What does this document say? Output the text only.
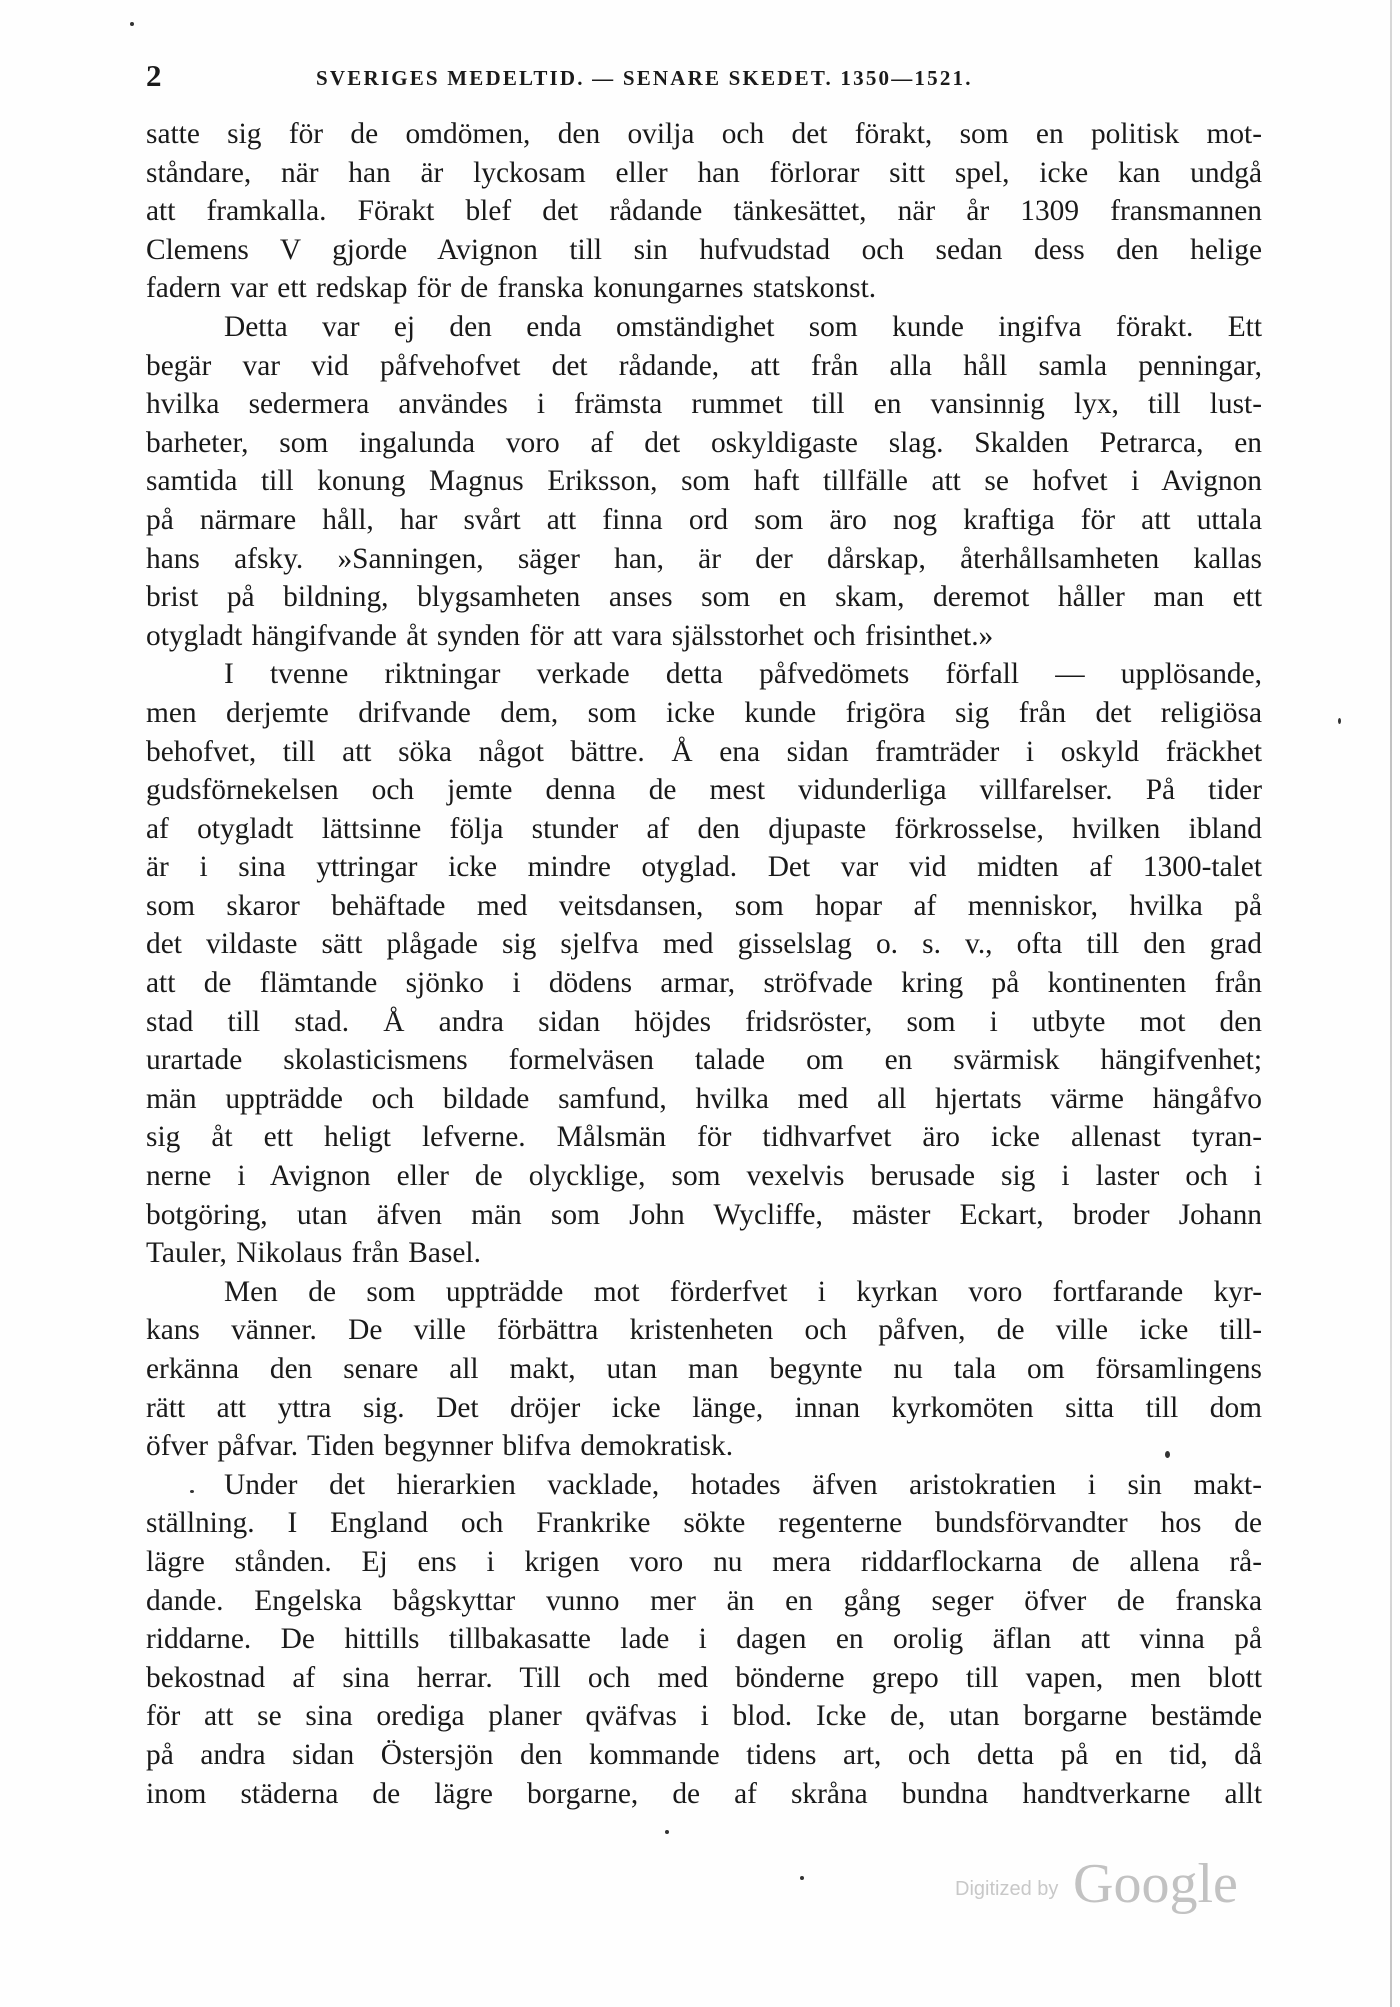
2	SVERIGES MEDELTID. — SENARE SKEDET. 1350—1521.
satte sig för de omdömen, den ovilja och det förakt, som en politisk mot-
ståndare, när han är lyckosam eller han förlorar sitt spel, icke kan undgå
att framkalla. Förakt blef det rådande tänkesättet, när år 1309 fransmannen
Clemens V gjorde Avignon till sin hufvudstad och sedan dess den helige
fadern var ett redskap för de franska konungarnes statskonst.
Detta var ej den enda omständighet som kunde ingifva förakt. Ett
begär var vid påfvehofvet det rådande, att från alla håll samla penningar,
hvilka sedermera användes i främsta rummet till en vansinnig lyx, till lust-
barheter, som ingalunda voro af det oskyldigaste slag. Skalden Petrarca, en
samtida till konung Magnus Eriksson, som haft tillfälle att se hofvet i Avignon
på närmare håll, har svårt att finna ord som äro nog kraftiga för att uttala
hans afsky. »Sanningen, säger han, är der dårskap, återhållsamheten kallas
brist på bildning, blygsamheten anses som en skam, deremot håller man ett
otygladt hängifvande åt synden för att vara själsstorhet och frisinthet.»
I tvenne riktningar verkade detta påfvedömets förfall — upplösande,
men derjemte drifvande dem, som icke kunde frigöra sig från det religiösa
behofvet, till att söka något bättre. Å ena sidan framträder i oskyld fräckhet
gudsförnekelsen och jemte denna de mest vidunderliga villfarelser. På tider
af otygladt lättsinne följa stunder af den djupaste förkrosselse, hvilken ibland
är i sina yttringar icke mindre otyglad. Det var vid midten af 1300-talet
som skaror behäftade med veitsdansen, som hopar af menniskor, hvilka på
det vildaste sätt plågade sig sjelfva med gisselslag o. s. v., ofta till den grad
att de flämtande sjönko i dödens armar, ströfvade kring på kontinenten från
stad till stad. Å andra sidan höjdes fridsröster, som i utbyte mot den
urartade skolasticismens formelväsen talade om en svärmisk hängifvenhet;
män uppträdde och bildade samfund, hvilka med all hjertats värme hängåfvo
sig åt ett heligt lefverne. Målsmän för tidhvarfvet äro icke allenast tyran-
nerne i Avignon eller de olycklige, som vexelvis berusade sig i laster och i
botgöring, utan äfven män som John Wycliffe, mäster Eckart, broder Johann
Tauler, Nikolaus från Basel.
Men de som uppträdde mot förderfvet i kyrkan voro fortfarande kyr-
kans vänner. De ville förbättra kristenheten och påfven, de ville icke till-
erkänna den senare all makt, utan man begynte nu tala om församlingens
rätt att yttra sig. Det dröjer icke länge, innan kyrkomöten sitta till dom
öfver påfvar. Tiden begynner blifva demokratisk.
Under det hierarkien vacklade, hotades äfven aristokratien i sin makt-
ställning. I England och Frankrike sökte regenterne bundsförvandter hos de
lägre stånden. Ej ens i krigen voro nu mera riddarflockarna de allena rå-
dande. Engelska bågskyttar vunno mer än en gång seger öfver de franska
riddarne. De hittills tillbakasatte lade i dagen en orolig äflan att vinna på
bekostnad af sina herrar. Till och med bönderne grepo till vapen, men blott
för att se sina orediga planer qväfvas i blod. Icke de, utan borgarne bestämde
på andra sidan Östersjön den kommande tidens art, och detta på en tid, då
inom städerna de lägre borgarne, de af skråna bundna handtverkarne allt
Digitized by Google
